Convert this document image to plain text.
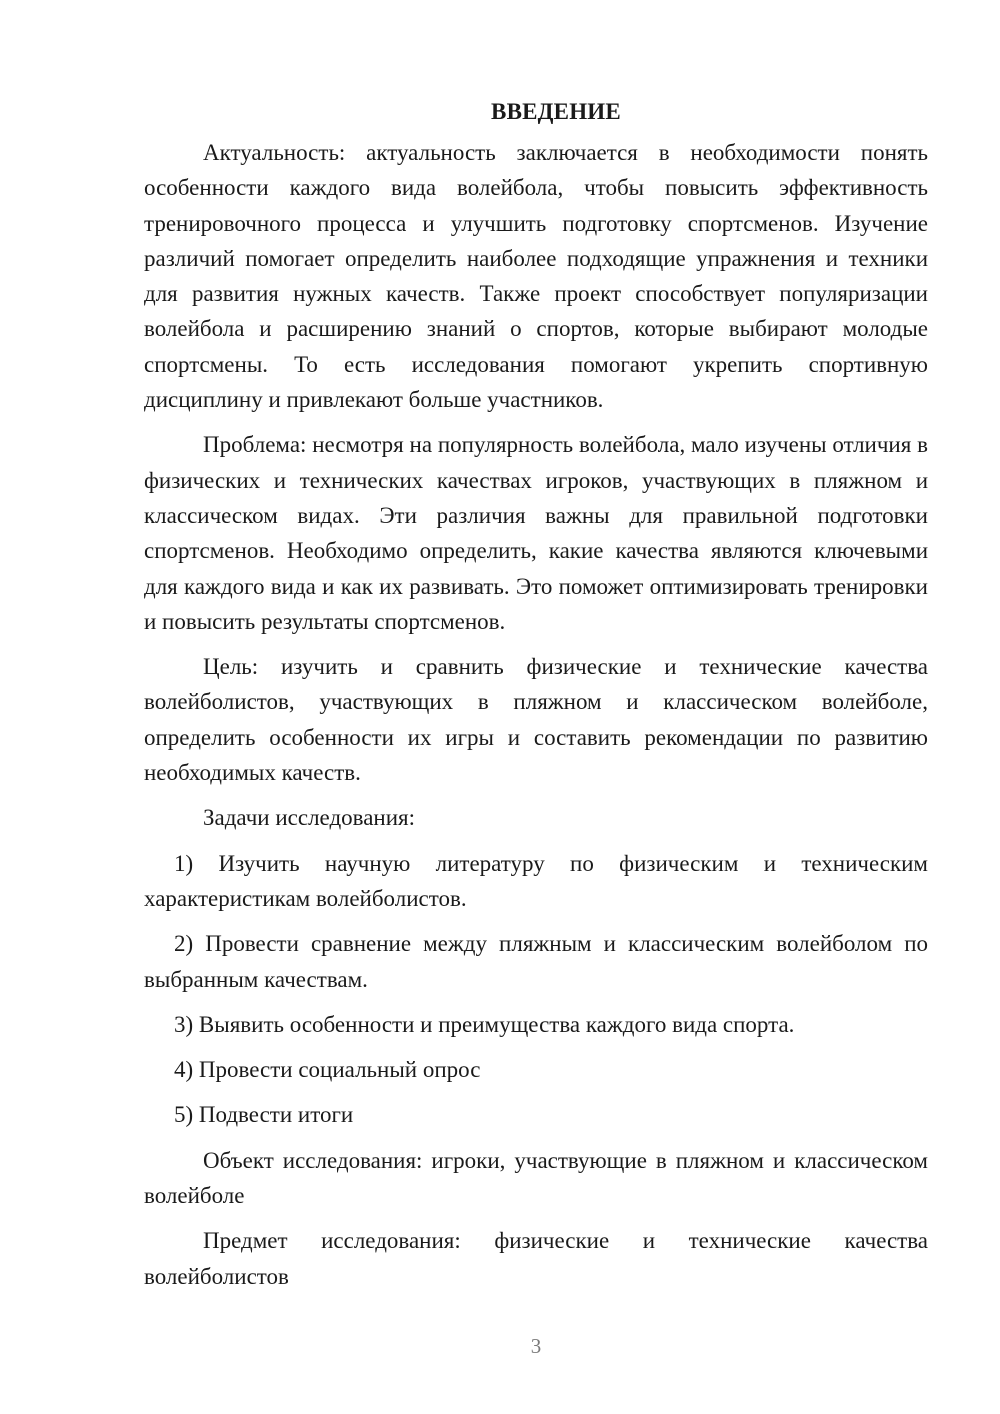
ВВЕДЕНИЕ

Актуальность: актуальность заключается в необходимости понять особенности каждого вида волейбола, чтобы повысить эффективность тренировочного процесса и улучшить подготовку спортсменов. Изучение различий помогает определить наиболее подходящие упражнения и техники для развития нужных качеств. Также проект способствует популяризации волейбола и расширению знаний о спортов, которые выбирают молодые спортсмены. То есть исследования помогают укрепить спортивную дисциплину и привлекают больше участников.

Проблема: несмотря на популярность волейбола, мало изучены отличия в физических и технических качествах игроков, участвующих в пляжном и классическом видах. Эти различия важны для правильной подготовки спортсменов. Необходимо определить, какие качества являются ключевыми для каждого вида и как их развивать. Это поможет оптимизировать тренировки и повысить результаты спортсменов.

Цель: изучить и сравнить физические и технические качества волейболистов, участвующих в пляжном и классическом волейболе, определить особенности их игры и составить рекомендации по развитию необходимых качеств.

Задачи исследования:

1) Изучить научную литературу по физическим и техническим характеристикам волейболистов.

2) Провести сравнение между пляжным и классическим волейболом по выбранным качествам.

3) Выявить особенности и преимущества каждого вида спорта.

4) Провести социальный опрос

5) Подвести итоги

Объект исследования: игроки, участвующие в пляжном и классическом волейболе

Предмет исследования: физические и технические качества волейболистов

3
